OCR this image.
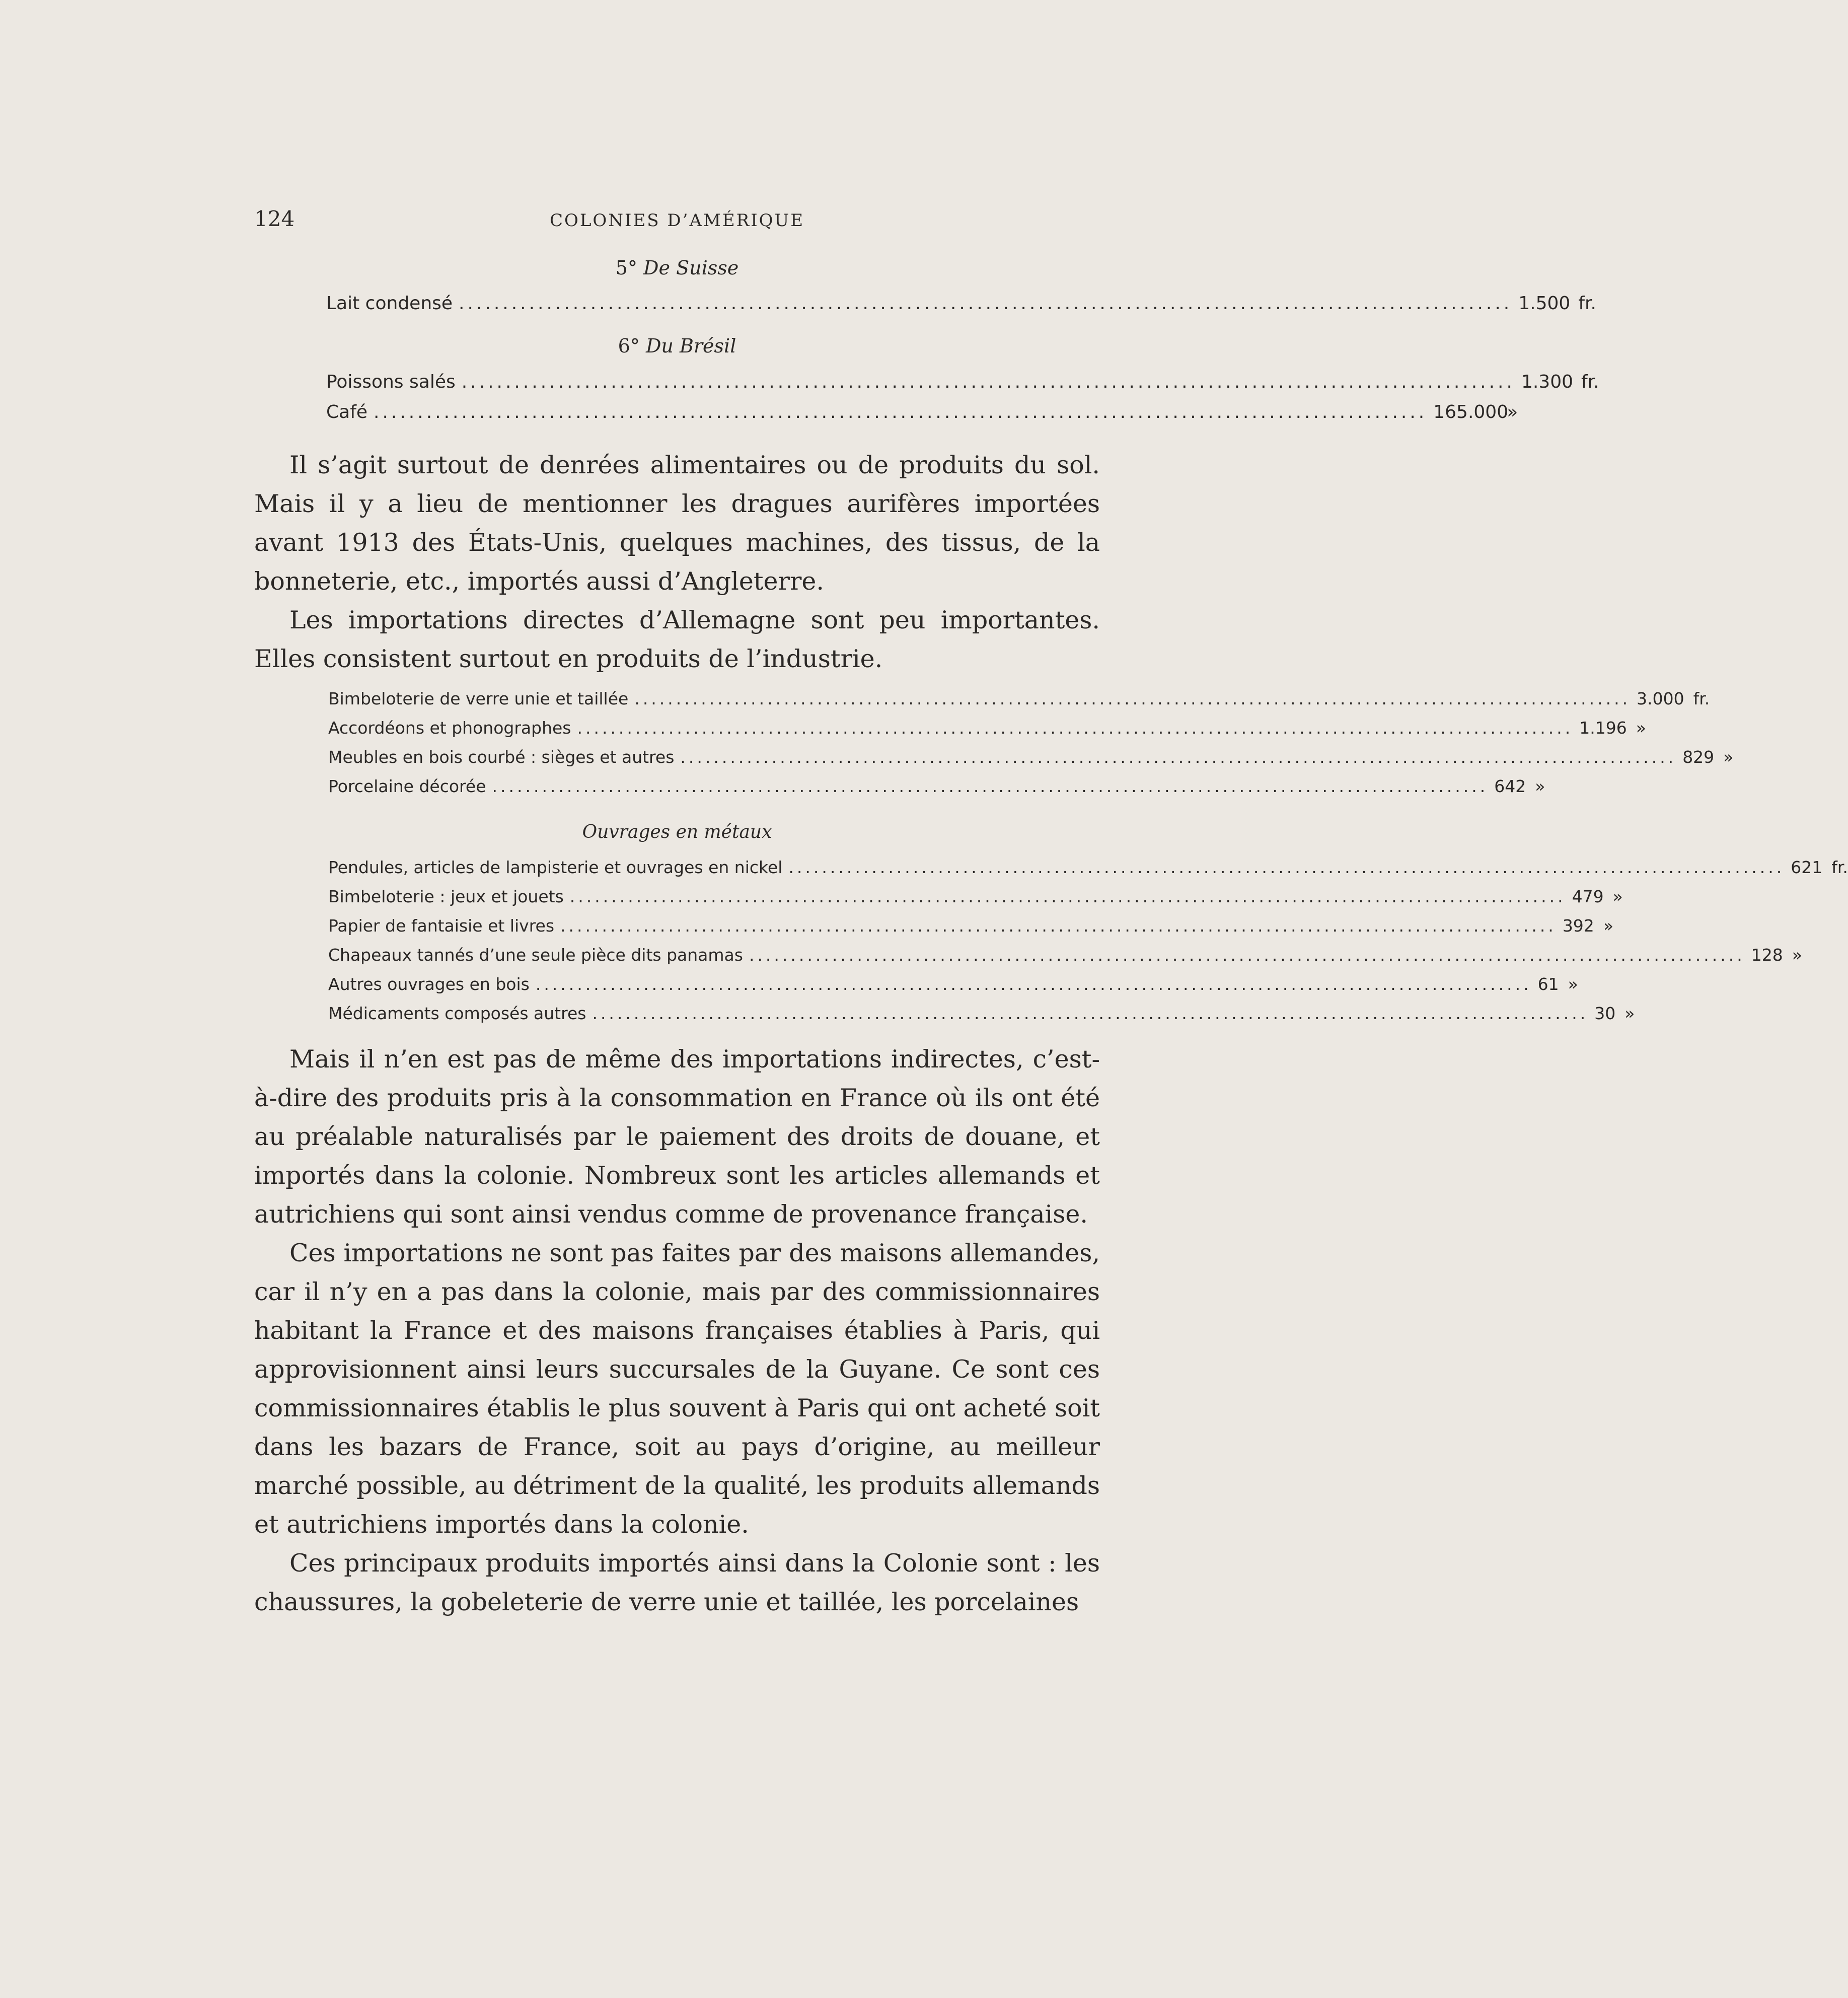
124	COLONIES D’AMÉRIQUE
5° De Suisse
Lait condensé ........................................................................................................................ 1.500 fr.
6° Du Brésil
Poissons salés ........................................................................................................................ 1.300 fr.
Café ........................................................................................................................ 165.000
»

Il s’agit surtout de denrées alimentaires ou de produits du sol. Mais il y a lieu de mentionner les dragues aurifères importées avant 1913 des États-Unis, quelques machines, des tissus, de la bonneterie, etc., importés aussi d’Angleterre.

Les importations directes d’Allemagne sont peu importantes. Elles consistent surtout en produits de l’industrie.

Bimbeloterie de verre unie et taillée ........................................................................................................................ 3.000 fr.
Accordéons et phonographes ........................................................................................................................ 1.196 »
Meubles en bois courbé : sièges et autres ........................................................................................................................ 829 »
Porcelaine décorée ........................................................................................................................ 642 »
Ouvrages en métaux
Pendules, articles de lampisterie et ouvrages en nickel ........................................................................................................................ 621 fr.
Bimbeloterie : jeux et jouets ........................................................................................................................ 479 »
Papier de fantaisie et livres ........................................................................................................................ 392 »
Chapeaux tannés d’une seule pièce dits panamas ........................................................................................................................ 128 »
Autres ouvrages en bois ........................................................................................................................ 61 »
Médicaments composés autres ........................................................................................................................ 30 »

Mais il n’en est pas de même des importations indirectes, c’est-à-dire des produits pris à la consommation en France où ils ont été au préalable naturalisés par le paiement des droits de douane, et importés dans la colonie. Nombreux sont les articles allemands et autrichiens qui sont ainsi vendus comme de provenance française.

Ces importations ne sont pas faites par des maisons allemandes, car il n’y en a pas dans la colonie, mais par des commissionnaires habitant la France et des maisons françaises établies à Paris, qui approvisionnent ainsi leurs succursales de la Guyane. Ce sont ces commissionnaires établis le plus souvent à Paris qui ont acheté soit dans les bazars de France, soit au pays d’origine, au meilleur marché possible, au détriment de la qualité, les produits allemands et autrichiens importés dans la colonie.

Ces principaux produits importés ainsi dans la Colonie sont : les chaussures, la gobeleterie de verre unie et taillée, les porcelaines
